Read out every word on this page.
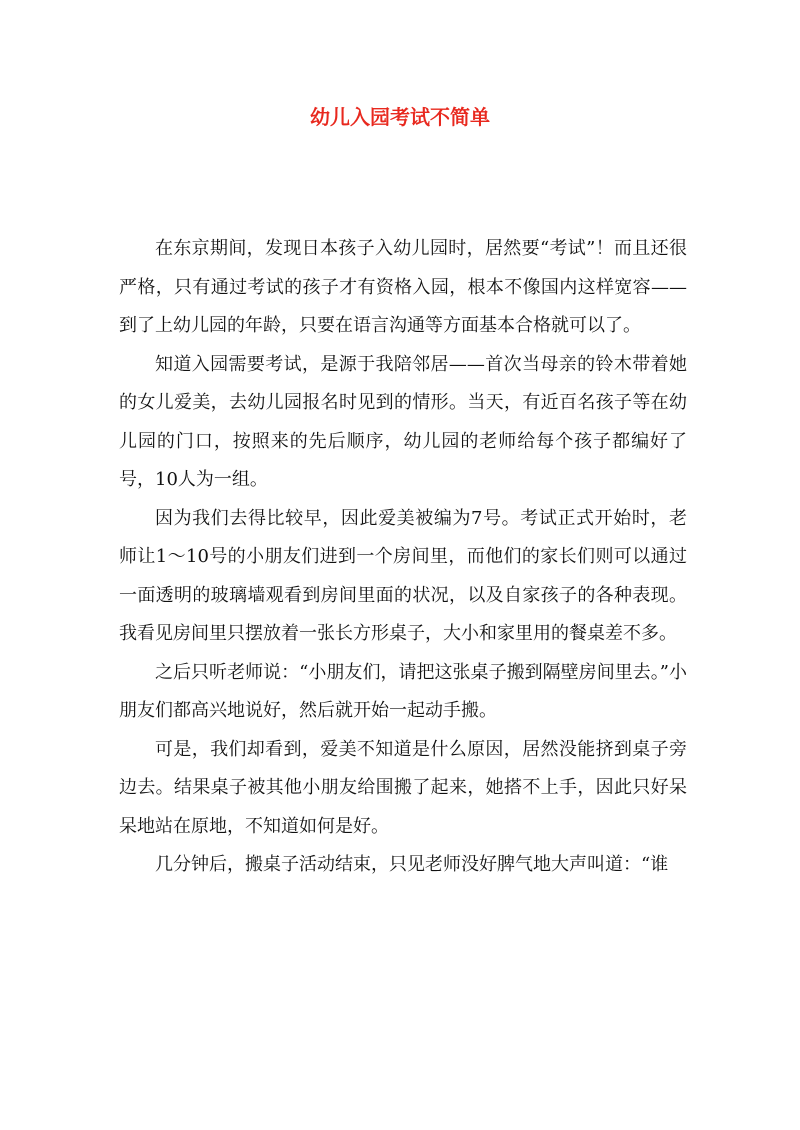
幼儿入园考试不简单

在东京期间，发现日本孩子入幼儿园时，居然要“考试”！而且还很严格，只有通过考试的孩子才有资格入园，根本不像国内这样宽容——到了上幼儿园的年龄，只要在语言沟通等方面基本合格就可以了。

知道入园需要考试，是源于我陪邻居——首次当母亲的铃木带着她的女儿爱美，去幼儿园报名时见到的情形。当天，有近百名孩子等在幼儿园的门口，按照来的先后顺序，幼儿园的老师给每个孩子都编好了号，10人为一组。

因为我们去得比较早，因此爱美被编为7号。考试正式开始时，老师让1～10号的小朋友们进到一个房间里，而他们的家长们则可以通过一面透明的玻璃墙观看到房间里面的状况，以及自家孩子的各种表现。我看见房间里只摆放着一张长方形桌子，大小和家里用的餐桌差不多。

之后只听老师说：“小朋友们，请把这张桌子搬到隔壁房间里去。”小朋友们都高兴地说好，然后就开始一起动手搬。

可是，我们却看到，爱美不知道是什么原因，居然没能挤到桌子旁边去。结果桌子被其他小朋友给围搬了起来，她搭不上手，因此只好呆呆地站在原地，不知道如何是好。

几分钟后，搬桌子活动结束，只见老师没好脾气地大声叫道：“谁
